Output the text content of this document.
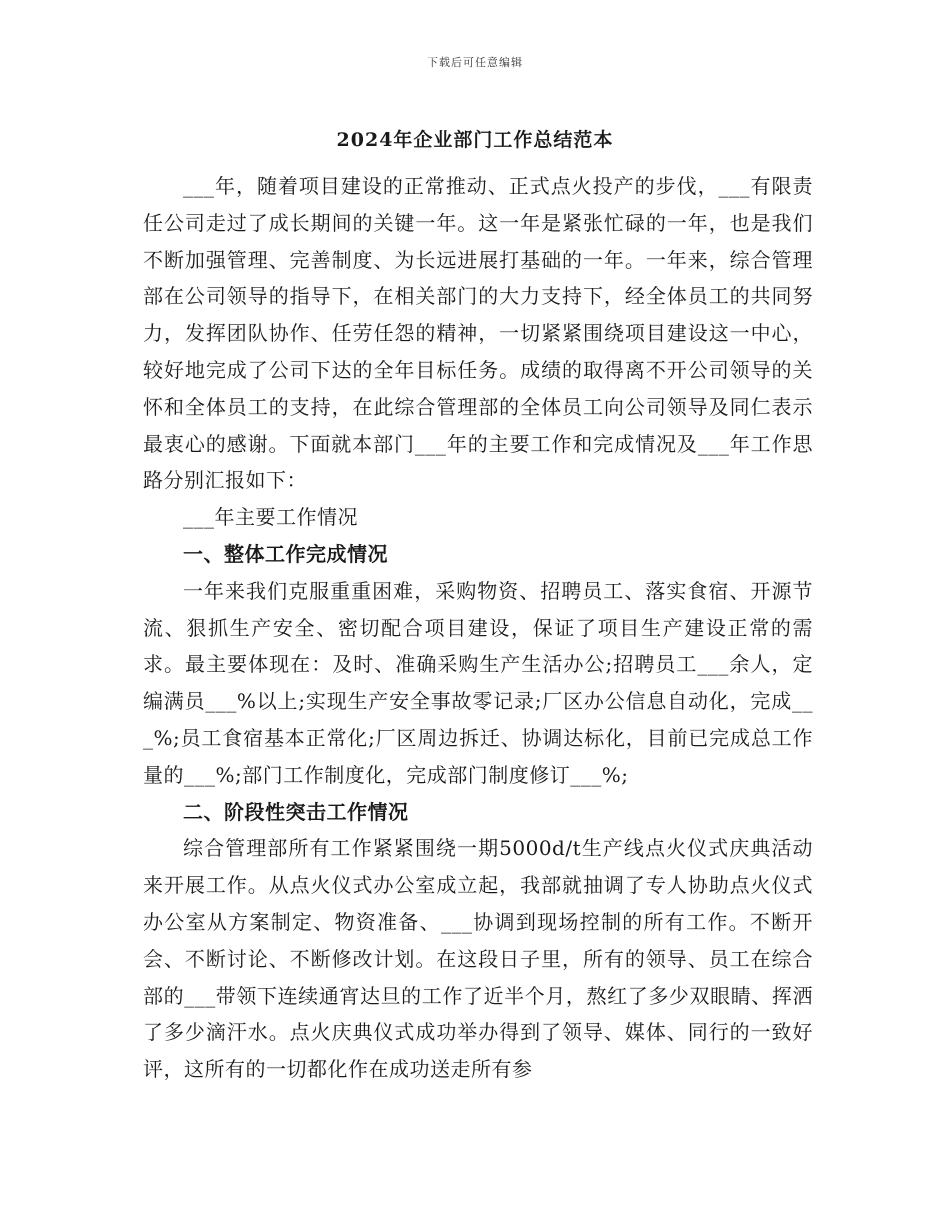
下载后可任意编辑
2024年企业部门工作总结范本

___年，随着项目建设的正常推动、正式点火投产的步伐，___有限责任公司走过了成长期间的关键一年。这一年是紧张忙碌的一年，也是我们不断加强管理、完善制度、为长远进展打基础的一年。一年来，综合管理部在公司领导的指导下，在相关部门的大力支持下，经全体员工的共同努力，发挥团队协作、任劳任怨的精神，一切紧紧围绕项目建设这一中心，较好地完成了公司下达的全年目标任务。成绩的取得离不开公司领导的关怀和全体员工的支持，在此综合管理部的全体员工向公司领导及同仁表示最衷心的感谢。下面就本部门___年的主要工作和完成情况及___年工作思路分别汇报如下：

___年主要工作情况

一、整体工作完成情况

一年来我们克服重重困难，采购物资、招聘员工、落实食宿、开源节流、狠抓生产安全、密切配合项目建设，保证了项目生产建设正常的需求。最主要体现在：及时、准确采购生产生活办公;招聘员工___余人，定编满员___%以上;实现生产安全事故零记录;厂区办公信息自动化，完成___%;员工食宿基本正常化;厂区周边拆迁、协调达标化，目前已完成总工作量的___%;部门工作制度化，完成部门制度修订___%;

二、阶段性突击工作情况

综合管理部所有工作紧紧围绕一期5000d/t生产线点火仪式庆典活动来开展工作。从点火仪式办公室成立起，我部就抽调了专人协助点火仪式办公室从方案制定、物资准备、___协调到现场控制的所有工作。不断开会、不断讨论、不断修改计划。在这段日子里，所有的领导、员工在综合部的___带领下连续通宵达旦的工作了近半个月，熬红了多少双眼睛、挥洒了多少滴汗水。点火庆典仪式成功举办得到了领导、媒体、同行的一致好评，这所有的一切都化作在成功送走所有参
